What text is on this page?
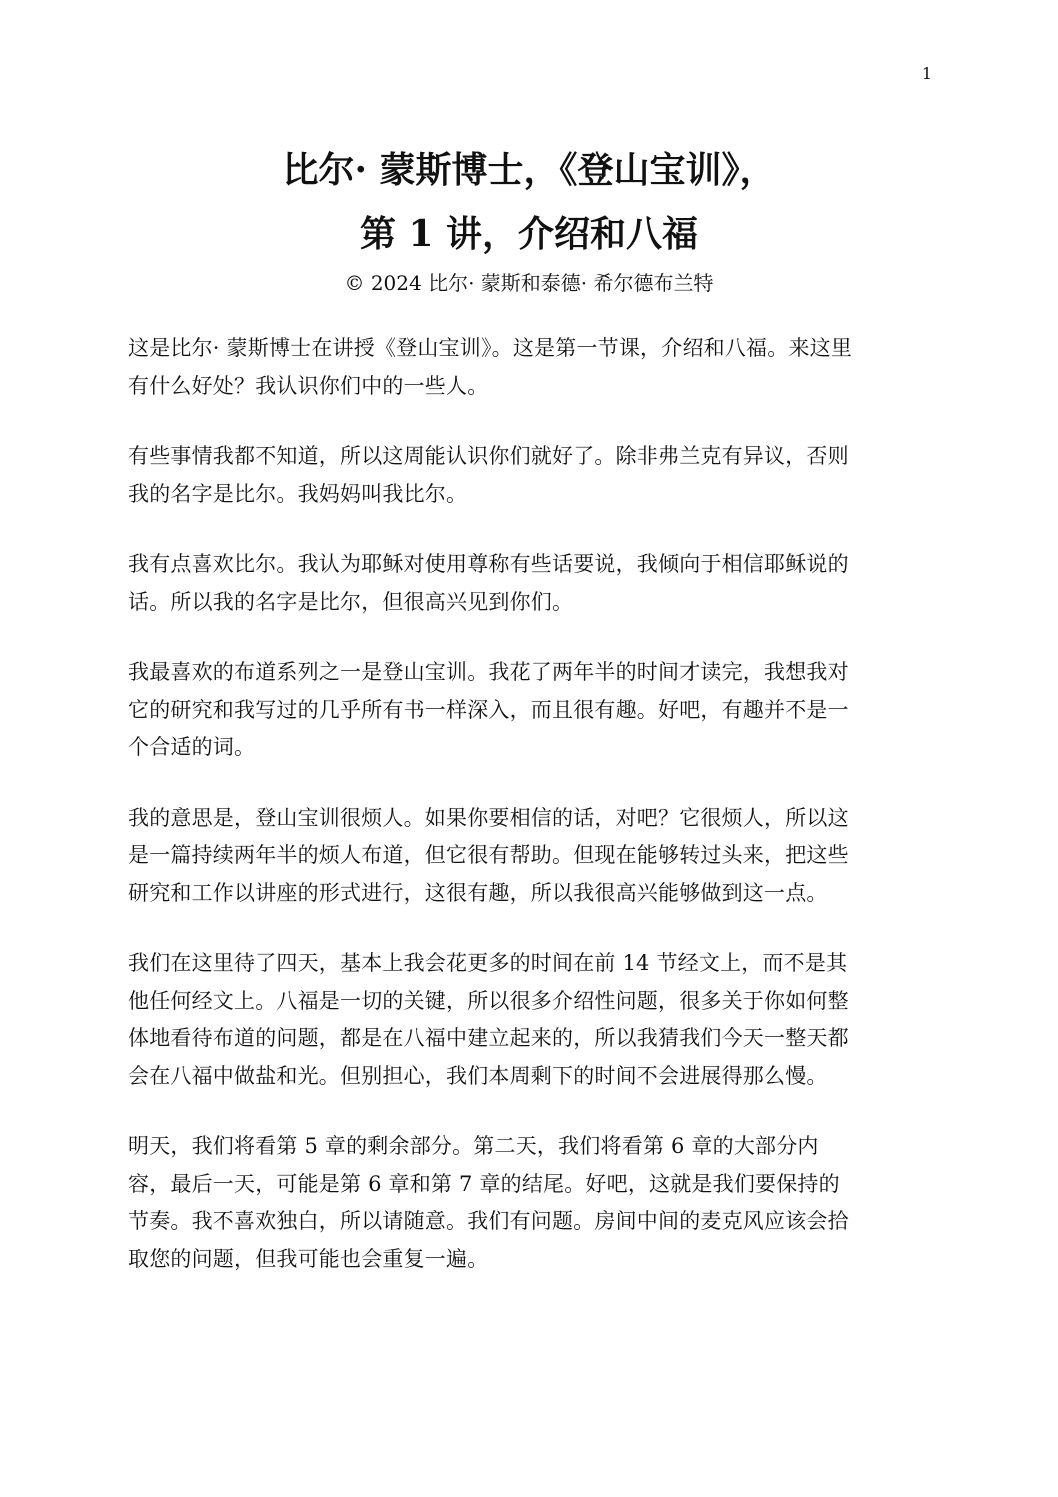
1
比尔· 蒙斯博士，《登山宝训》，
第 1 讲，介绍和八福
© 2024 比尔· 蒙斯和泰德· 希尔德布兰特

这是比尔· 蒙斯博士在讲授《登山宝训》。这是第一节课，介绍和八福。来这里
有什么好处？我认识你们中的一些人。

有些事情我都不知道，所以这周能认识你们就好了。除非弗兰克有异议，否则
我的名字是比尔。我妈妈叫我比尔。

我有点喜欢比尔。我认为耶稣对使用尊称有些话要说，我倾向于相信耶稣说的
话。所以我的名字是比尔，但很高兴见到你们。

我最喜欢的布道系列之一是登山宝训。我花了两年半的时间才读完，我想我对
它的研究和我写过的几乎所有书一样深入，而且很有趣。好吧，有趣并不是一
个合适的词。

我的意思是，登山宝训很烦人。如果你要相信的话，对吧？它很烦人，所以这
是一篇持续两年半的烦人布道，但它很有帮助。但现在能够转过头来，把这些
研究和工作以讲座的形式进行，这很有趣，所以我很高兴能够做到这一点。

我们在这里待了四天，基本上我会花更多的时间在前 14 节经文上，而不是其
他任何经文上。八福是一切的关键，所以很多介绍性问题，很多关于你如何整
体地看待布道的问题，都是在八福中建立起来的，所以我猜我们今天一整天都
会在八福中做盐和光。但别担心，我们本周剩下的时间不会进展得那么慢。

明天，我们将看第 5 章的剩余部分。第二天，我们将看第 6 章的大部分内
容，最后一天，可能是第 6 章和第 7 章的结尾。好吧，这就是我们要保持的
节奏。我不喜欢独白，所以请随意。我们有问题。房间中间的麦克风应该会拾
取您的问题，但我可能也会重复一遍。
